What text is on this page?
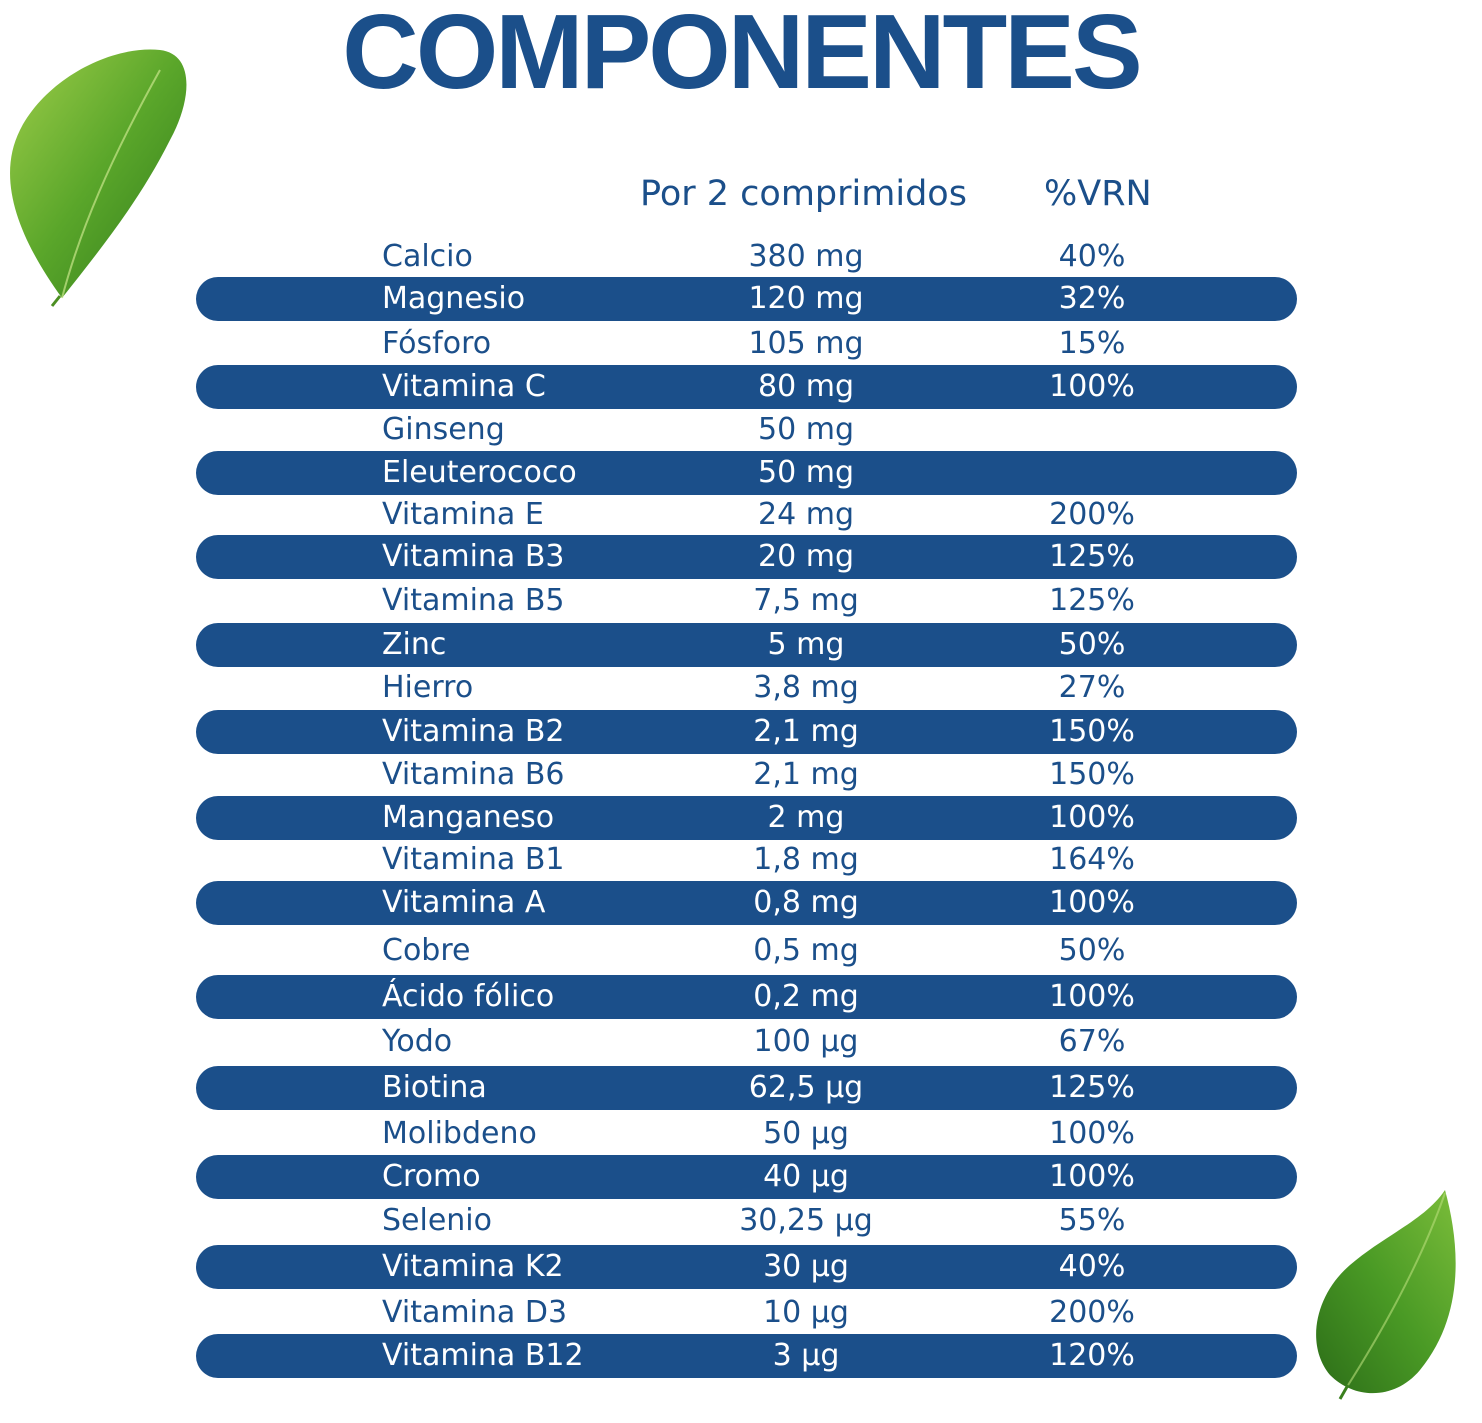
COMPONENTES
Por 2 comprimidos %VRN
Calcio	380 mg	40%
Magnesio	120 mg	32%
Fósforo	105 mg	15%
Vitamina C	80 mg	100%
Ginseng	50 mg
Eleuterococo	50 mg
Vitamina E	24 mg	200%
Vitamina B3	20 mg	125%
Vitamina B5	7,5 mg	125%
Zinc	5 mg	50%
Hierro	3,8 mg	27%
Vitamina B2	2,1 mg	150%
Vitamina B6	2,1 mg	150%
Manganeso	2 mg	100%
Vitamina B1	1,8 mg	164%
Vitamina A	0,8 mg	100%
Cobre	0,5 mg	50%
Ácido fólico	0,2 mg	100%
Yodo	100 µg	67%
Biotina	62,5 µg	125%
Molibdeno	50 µg	100%
Cromo	40 µg	100%
Selenio	30,25 µg	55%
Vitamina K2	30 µg	40%
Vitamina D3	10 µg	200%
Vitamina B12	3 µg	120%
